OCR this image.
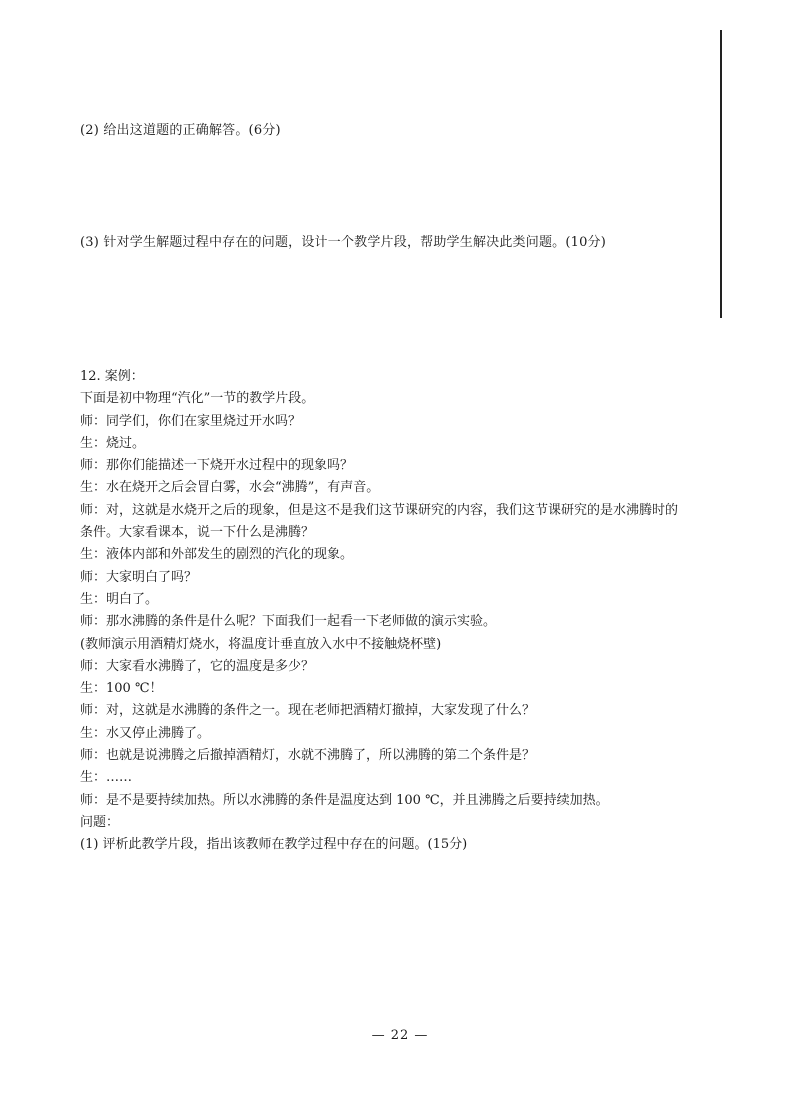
(2) 给出这道题的正确解答。(6分)
(3) 针对学生解题过程中存在的问题，设计一个教学片段，帮助学生解决此类问题。(10分)
12. 案例：
下面是初中物理“汽化”一节的教学片段。
师：同学们，你们在家里烧过开水吗？
生：烧过。
师：那你们能描述一下烧开水过程中的现象吗？
生：水在烧开之后会冒白雾，水会“沸腾”，有声音。
师：对，这就是水烧开之后的现象，但是这不是我们这节课研究的内容，我们这节课研究的是水沸腾时的条件。大家看课本，说一下什么是沸腾？
生：液体内部和外部发生的剧烈的汽化的现象。
师：大家明白了吗？
生：明白了。
师：那水沸腾的条件是什么呢？下面我们一起看一下老师做的演示实验。
(教师演示用酒精灯烧水，将温度计垂直放入水中不接触烧杯壁)
师：大家看水沸腾了，它的温度是多少？
生：100 ℃！
师：对，这就是水沸腾的条件之一。现在老师把酒精灯撤掉，大家发现了什么？
生：水又停止沸腾了。
师：也就是说沸腾之后撤掉酒精灯，水就不沸腾了，所以沸腾的第二个条件是？
生：……
师：是不是要持续加热。所以水沸腾的条件是温度达到 100 ℃，并且沸腾之后要持续加热。
问题：
(1) 评析此教学片段，指出该教师在教学过程中存在的问题。(15分)
— 22 —
